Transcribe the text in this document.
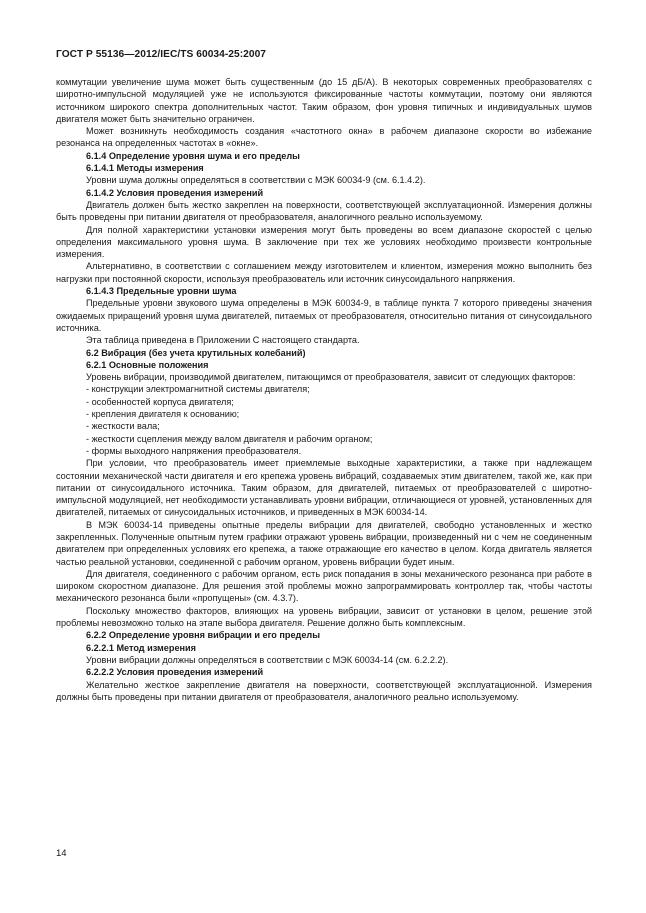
ГОСТ Р 55136—2012/IEC/TS 60034-25:2007

коммутации увеличение шума может быть существенным (до 15 дБ/А). В некоторых современных преобразователях с широтно-импульсной модуляцией уже не используются фиксированные частоты коммутации, поэтому они являются источником широкого спектра дополнительных частот. Таким образом, фон уровня типичных и индивидуальных шумов двигателя может быть значительно ограничен.

Может возникнуть необходимость создания «частотного окна» в рабочем диапазоне скорости во избежание резонанса на определенных частотах в «окне».

6.1.4 Определение уровня шума и его пределы

6.1.4.1 Методы измерения

Уровни шума должны определяться в соответствии с МЭК 60034-9 (см. 6.1.4.2).

6.1.4.2 Условия проведения измерений

Двигатель должен быть жестко закреплен на поверхности, соответствующей эксплуатационной. Измерения должны быть проведены при питании двигателя от преобразователя, аналогичного реально используемому.

Для полной характеристики установки измерения могут быть проведены во всем диапазоне скоростей с целью определения максимального уровня шума. В заключение при тех же условиях необходимо произвести контрольные измерения.

Альтернативно, в соответствии с соглашением между изготовителем и клиентом, измерения можно выполнить без нагрузки при постоянной скорости, используя преобразователь или источник синусоидального напряжения.

6.1.4.3 Предельные уровни шума

Предельные уровни звукового шума определены в МЭК 60034-9, в таблице пункта 7 которого приведены значения ожидаемых приращений уровня шума двигателей, питаемых от преобразователя, относительно питания от синусоидального источника.

Эта таблица приведена в Приложении С настоящего стандарта.

6.2 Вибрация (без учета крутильных колебаний)

6.2.1 Основные положения

Уровень вибрации, производимой двигателем, питающимся от преобразователя, зависит от следующих факторов:

- конструкции электромагнитной системы двигателя;

- особенностей корпуса двигателя;

- крепления двигателя к основанию;

- жесткости вала;

- жесткости сцепления между валом двигателя и рабочим органом;

- формы выходного напряжения преобразователя.

При условии, что преобразователь имеет приемлемые выходные характеристики, а также при надлежащем состоянии механической части двигателя и его крепежа уровень вибраций, создаваемых этим двигателем, такой же, как при питании от синусоидального источника. Таким образом, для двигателей, питаемых от преобразователей с широтно-импульсной модуляцией, нет необходимости устанавливать уровни вибрации, отличающиеся от уровней, установленных для двигателей, питаемых от синусоидальных источников, и приведенных в МЭК 60034-14.

В МЭК 60034-14 приведены опытные пределы вибрации для двигателей, свободно установленных и жестко закрепленных. Полученные опытным путем графики отражают уровень вибрации, произведенный ни с чем не соединенным двигателем при определенных условиях его крепежа, а также отражающие его качество в целом. Когда двигатель является частью реальной установки, соединенной с рабочим органом, уровень вибрации будет иным.

Для двигателя, соединенного с рабочим органом, есть риск попадания в зоны механического резонанса при работе в широком скоростном диапазоне. Для решения этой проблемы можно запрограммировать контроллер так, чтобы частоты механического резонанса были «пропущены» (см. 4.3.7).

Поскольку множество факторов, влияющих на уровень вибрации, зависит от установки в целом, решение этой проблемы невозможно только на этапе выбора двигателя. Решение должно быть комплексным.

6.2.2 Определение уровня вибрации и его пределы

6.2.2.1 Метод измерения

Уровни вибрации должны определяться в соответствии с МЭК 60034-14 (см. 6.2.2.2).

6.2.2.2 Условия проведения измерений

Желательно жесткое закрепление двигателя на поверхности, соответствующей эксплуатационной. Измерения должны быть проведены при питании двигателя от преобразователя, аналогичного реально используемому.

14
